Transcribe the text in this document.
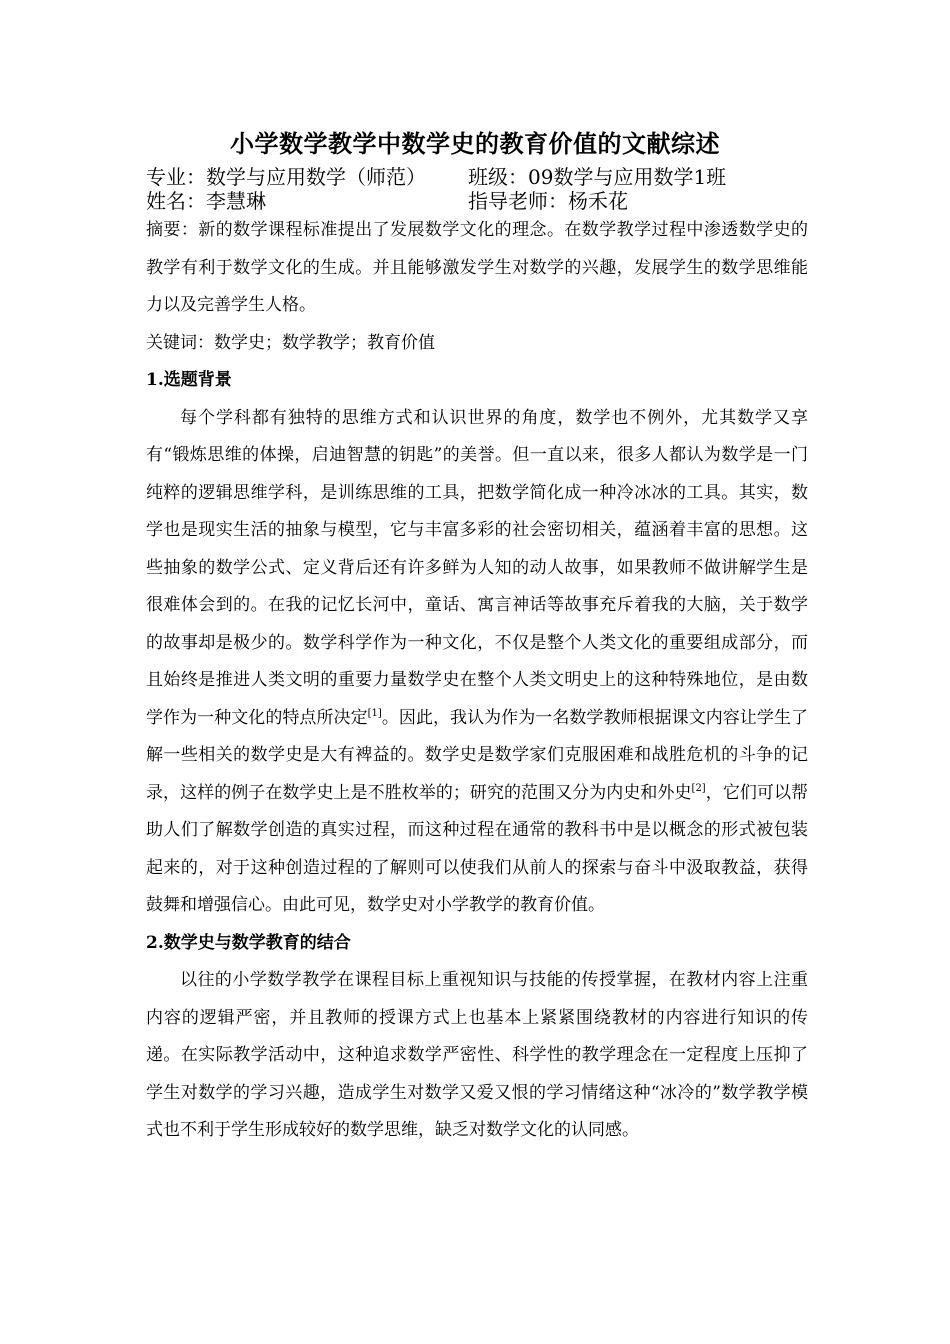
小学数学教学中数学史的教育价值的文献综述
专业：数学与应用数学（师范） 班级：09数学与应用数学1班
姓名：李慧琳	指导老师：杨禾花

摘要：新的数学课程标准提出了发展数学文化的理念。在数学教学过程中渗透数学史的教学有利于数学文化的生成。并且能够激发学生对数学的兴趣，发展学生的数学思维能力以及完善学生人格。

关键词：数学史；数学教学；教育价值

1.选题背景

每个学科都有独特的思维方式和认识世界的角度，数学也不例外，尤其数学又享有“锻炼思维的体操，启迪智慧的钥匙”的美誉。但一直以来，很多人都认为数学是一门纯粹的逻辑思维学科，是训练思维的工具，把数学简化成一种冷冰冰的工具。其实，数学也是现实生活的抽象与模型，它与丰富多彩的社会密切相关，蕴涵着丰富的思想。这些抽象的数学公式、定义背后还有许多鲜为人知的动人故事，如果教师不做讲解学生是很难体会到的。在我的记忆长河中，童话、寓言神话等故事充斥着我的大脑，关于数学的故事却是极少的。数学科学作为一种文化，不仅是整个人类文化的重要组成部分，而且始终是推进人类文明的重要力量数学史在整个人类文明史上的这种特殊地位，是由数学作为一种文化的特点所决定[1]。因此，我认为作为一名数学教师根据课文内容让学生了解一些相关的数学史是大有裨益的。数学史是数学家们克服困难和战胜危机的斗争的记录，这样的例子在数学史上是不胜枚举的；研究的范围又分为内史和外史[2]，它们可以帮助人们了解数学创造的真实过程，而这种过程在通常的教科书中是以概念的形式被包装起来的，对于这种创造过程的了解则可以使我们从前人的探索与奋斗中汲取教益，获得鼓舞和增强信心。由此可见，数学史对小学教学的教育价值。

2.数学史与数学教育的结合

以往的小学数学教学在课程目标上重视知识与技能的传授掌握，在教材内容上注重内容的逻辑严密，并且教师的授课方式上也基本上紧紧围绕教材的内容进行知识的传递。在实际教学活动中，这种追求数学严密性、科学性的教学理念在一定程度上压抑了学生对数学的学习兴趣，造成学生对数学又爱又恨的学习情绪这种“冰冷的”数学教学模式也不利于学生形成较好的数学思维，缺乏对数学文化的认同感。
